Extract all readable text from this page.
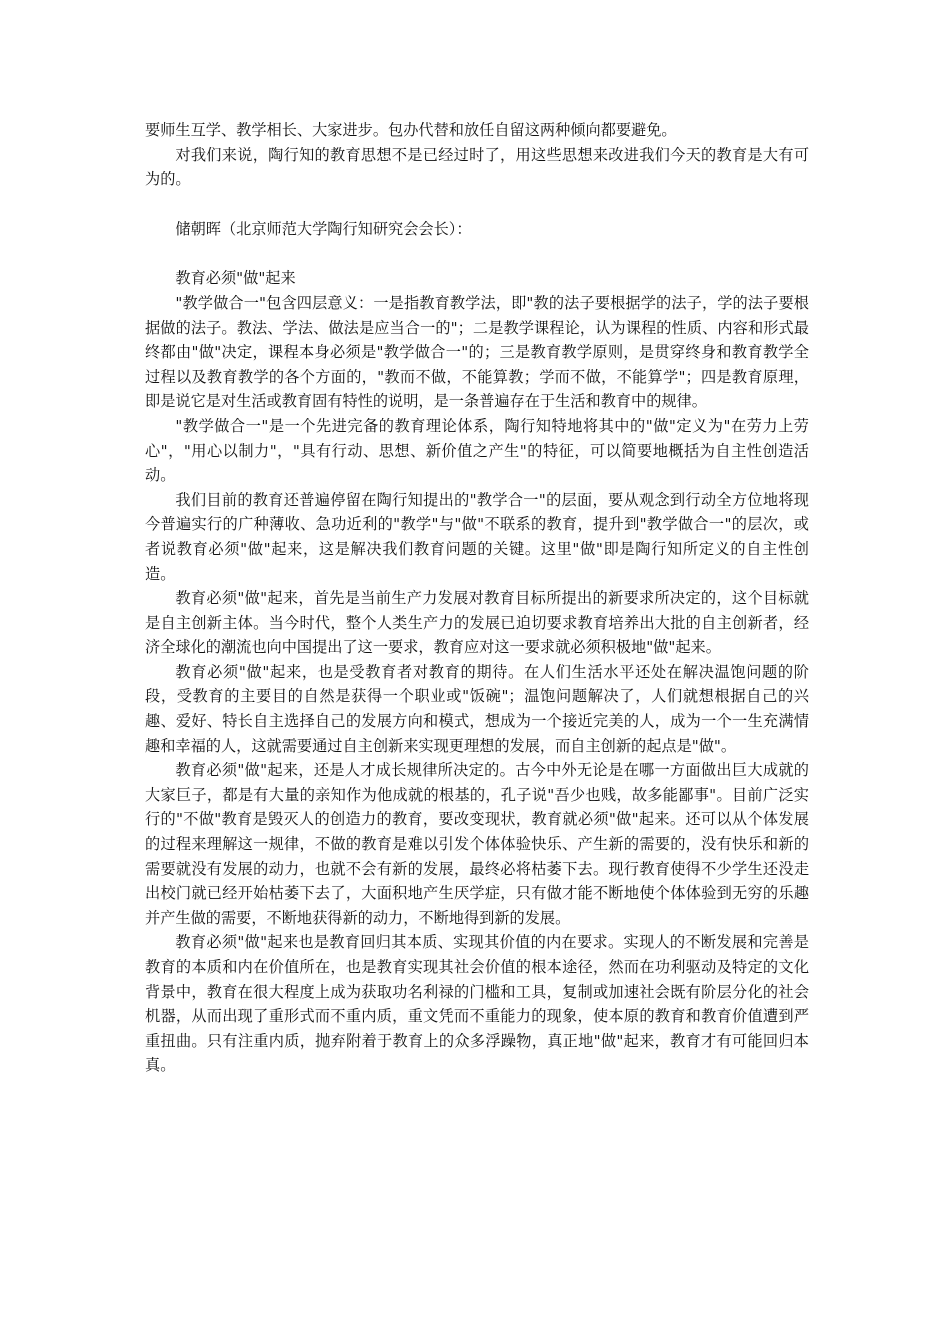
要师生互学、教学相长、大家进步。包办代替和放任自留这两种倾向都要避免。

对我们来说，陶行知的教育思想不是已经过时了，用这些思想来改进我们今天的教育是大有可为的。

储朝晖（北京师范大学陶行知研究会会长）：

教育必须"做"起来

"教学做合一"包含四层意义：一是指教育教学法，即"教的法子要根据学的法子，学的法子要根据做的法子。教法、学法、做法是应当合一的"；二是教学课程论，认为课程的性质、内容和形式最终都由"做"决定，课程本身必须是"教学做合一"的；三是教育教学原则，是贯穿终身和教育教学全过程以及教育教学的各个方面的，"教而不做，不能算教；学而不做，不能算学"；四是教育原理，即是说它是对生活或教育固有特性的说明，是一条普遍存在于生活和教育中的规律。

"教学做合一"是一个先进完备的教育理论体系，陶行知特地将其中的"做"定义为"在劳力上劳心"，"用心以制力"，"具有行动、思想、新价值之产生"的特征，可以简要地概括为自主性创造活动。

我们目前的教育还普遍停留在陶行知提出的"教学合一"的层面，要从观念到行动全方位地将现今普遍实行的广种薄收、急功近利的"教学"与"做"不联系的教育，提升到"教学做合一"的层次，或者说教育必须"做"起来，这是解决我们教育问题的关键。这里"做"即是陶行知所定义的自主性创造。

教育必须"做"起来，首先是当前生产力发展对教育目标所提出的新要求所决定的，这个目标就是自主创新主体。当今时代，整个人类生产力的发展已迫切要求教育培养出大批的自主创新者，经济全球化的潮流也向中国提出了这一要求，教育应对这一要求就必须积极地"做"起来。

教育必须"做"起来，也是受教育者对教育的期待。在人们生活水平还处在解决温饱问题的阶段，受教育的主要目的自然是获得一个职业或"饭碗"；温饱问题解决了，人们就想根据自己的兴趣、爱好、特长自主选择自己的发展方向和模式，想成为一个接近完美的人，成为一个一生充满情趣和幸福的人，这就需要通过自主创新来实现更理想的发展，而自主创新的起点是"做"。

教育必须"做"起来，还是人才成长规律所决定的。古今中外无论是在哪一方面做出巨大成就的大家巨子，都是有大量的亲知作为他成就的根基的，孔子说"吾少也贱，故多能鄙事"。目前广泛实行的"不做"教育是毁灭人的创造力的教育，要改变现状，教育就必须"做"起来。还可以从个体发展的过程来理解这一规律，不做的教育是难以引发个体体验快乐、产生新的需要的，没有快乐和新的需要就没有发展的动力，也就不会有新的发展，最终必将枯萎下去。现行教育使得不少学生还没走出校门就已经开始枯萎下去了，大面积地产生厌学症，只有做才能不断地使个体体验到无穷的乐趣并产生做的需要，不断地获得新的动力，不断地得到新的发展。

教育必须"做"起来也是教育回归其本质、实现其价值的内在要求。实现人的不断发展和完善是教育的本质和内在价值所在，也是教育实现其社会价值的根本途径，然而在功利驱动及特定的文化背景中，教育在很大程度上成为获取功名利禄的门槛和工具，复制或加速社会既有阶层分化的社会机器，从而出现了重形式而不重内质，重文凭而不重能力的现象，使本原的教育和教育价值遭到严重扭曲。只有注重内质，抛弃附着于教育上的众多浮躁物，真正地"做"起来，教育才有可能回归本真。
